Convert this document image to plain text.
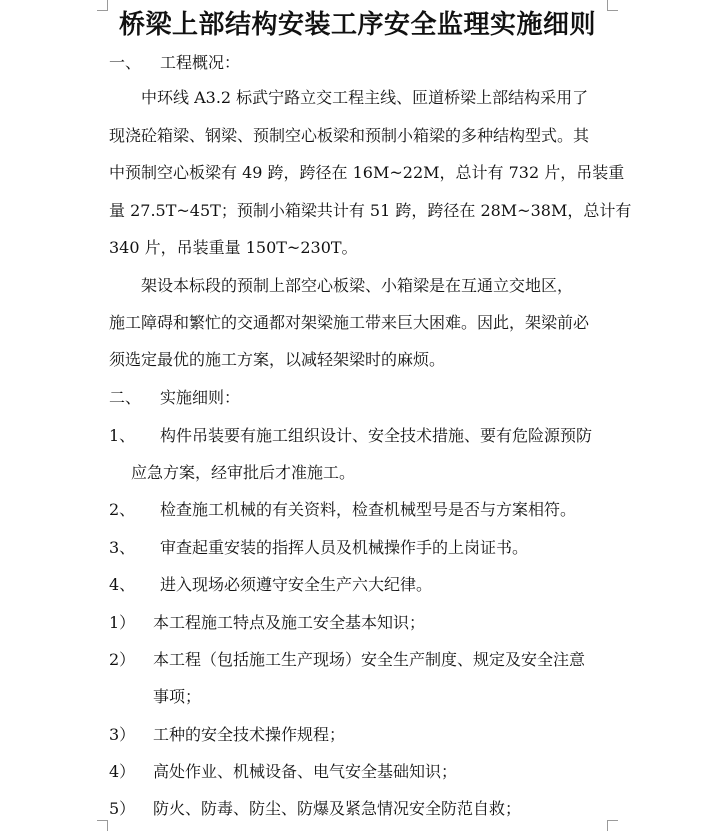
桥梁上部结构安装工序安全监理实施细则
一、 工程概况：
中环线 A3.2 标武宁路立交工程主线、匝道桥梁上部结构采用了
现浇砼箱梁、钢梁、预制空心板梁和预制小箱梁的多种结构型式。其
中预制空心板梁有 49 跨，跨径在 16M~22M，总计有 732 片，吊装重
量 27.5T~45T；预制小箱梁共计有 51 跨，跨径在 28M~38M，总计有
340 片，吊装重量 150T~230T。
架设本标段的预制上部空心板梁、小箱梁是在互通立交地区，
施工障碍和繁忙的交通都对架梁施工带来巨大困难。因此，架梁前必
须选定最优的施工方案，以减轻架梁时的麻烦。
二、 实施细则：
1、 构件吊装要有施工组织设计、安全技术措施、要有危险源预防
应急方案，经审批后才准施工。
2、 检查施工机械的有关资料，检查机械型号是否与方案相符。
3、 审查起重安装的指挥人员及机械操作手的上岗证书。
4、 进入现场必须遵守安全生产六大纪律。
1） 本工程施工特点及施工安全基本知识；
2） 本工程（包括施工生产现场）安全生产制度、规定及安全注意
事项；
3） 工种的安全技术操作规程；
4） 高处作业、机械设备、电气安全基础知识；
5） 防火、防毒、防尘、防爆及紧急情况安全防范自救；
